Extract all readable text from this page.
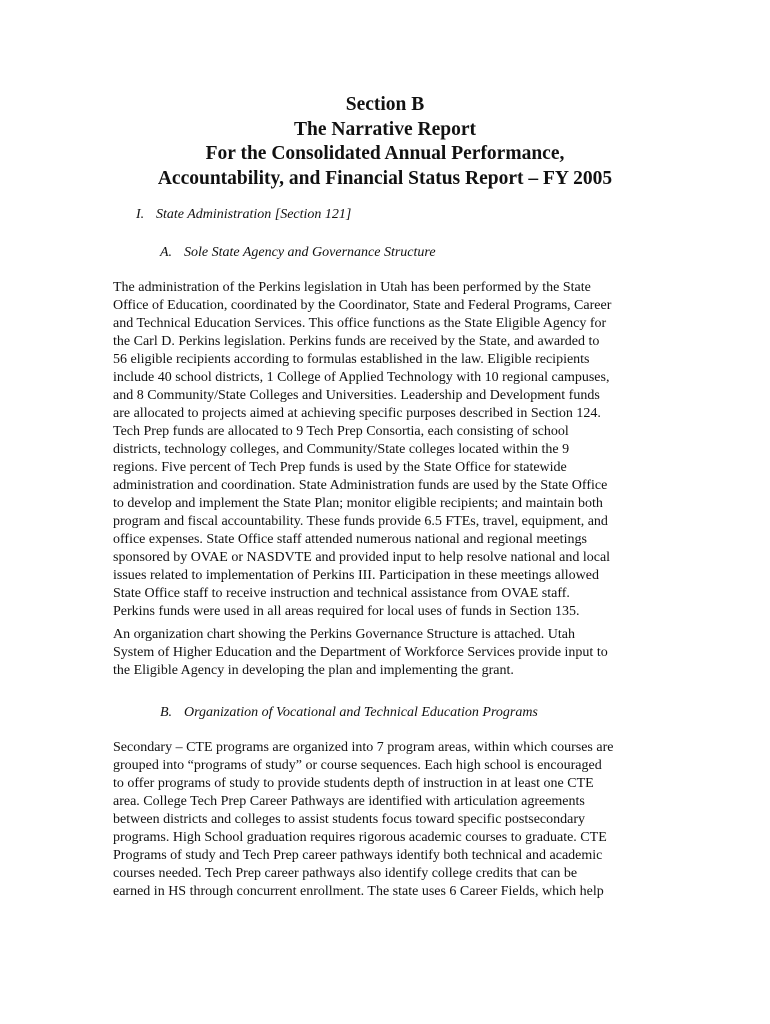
Section B
The Narrative Report
For the Consolidated Annual Performance,
Accountability, and Financial Status Report – FY 2005
I. State Administration [Section 121]
A. Sole State Agency and Governance Structure
The administration of the Perkins legislation in Utah has been performed by the State
Office of Education, coordinated by the Coordinator, State and Federal Programs, Career
and Technical Education Services. This office functions as the State Eligible Agency for
the Carl D. Perkins legislation. Perkins funds are received by the State, and awarded to
56 eligible recipients according to formulas established in the law. Eligible recipients
include 40 school districts, 1 College of Applied Technology with 10 regional campuses,
and 8 Community/State Colleges and Universities. Leadership and Development funds
are allocated to projects aimed at achieving specific purposes described in Section 124.
Tech Prep funds are allocated to 9 Tech Prep Consortia, each consisting of school
districts, technology colleges, and Community/State colleges located within the 9
regions. Five percent of Tech Prep funds is used by the State Office for statewide
administration and coordination. State Administration funds are used by the State Office
to develop and implement the State Plan; monitor eligible recipients; and maintain both
program and fiscal accountability. These funds provide 6.5 FTEs, travel, equipment, and
office expenses. State Office staff attended numerous national and regional meetings
sponsored by OVAE or NASDVTE and provided input to help resolve national and local
issues related to implementation of Perkins III. Participation in these meetings allowed
State Office staff to receive instruction and technical assistance from OVAE staff.
Perkins funds were used in all areas required for local uses of funds in Section 135.
An organization chart showing the Perkins Governance Structure is attached. Utah
System of Higher Education and the Department of Workforce Services provide input to
the Eligible Agency in developing the plan and implementing the grant.
B. Organization of Vocational and Technical Education Programs
Secondary – CTE programs are organized into 7 program areas, within which courses are
grouped into “programs of study” or course sequences. Each high school is encouraged
to offer programs of study to provide students depth of instruction in at least one CTE
area. College Tech Prep Career Pathways are identified with articulation agreements
between districts and colleges to assist students focus toward specific postsecondary
programs. High School graduation requires rigorous academic courses to graduate. CTE
Programs of study and Tech Prep career pathways identify both technical and academic
courses needed. Tech Prep career pathways also identify college credits that can be
earned in HS through concurrent enrollment. The state uses 6 Career Fields, which help
